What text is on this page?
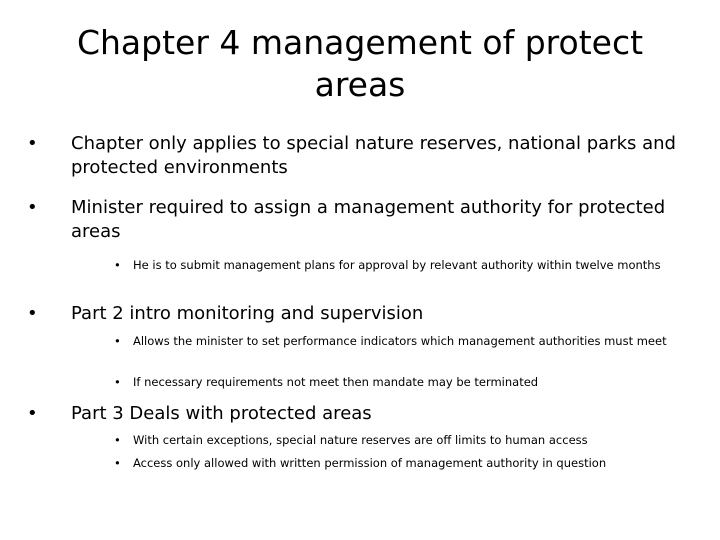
Chapter 4 management of protect areas
• Chapter only applies to special nature reserves, national parks and protected environments
• Minister required to assign a management authority for protected areas
• He is to submit management plans for approval by relevant authority within twelve months
• Part 2 intro monitoring and supervision
• Allows the minister to set performance indicators which management authorities must meet
• If necessary requirements not meet then mandate may be terminated
• Part 3 Deals with protected areas
• With certain exceptions, special nature reserves are off limits to human access
• Access only allowed with written permission of management authority in question
